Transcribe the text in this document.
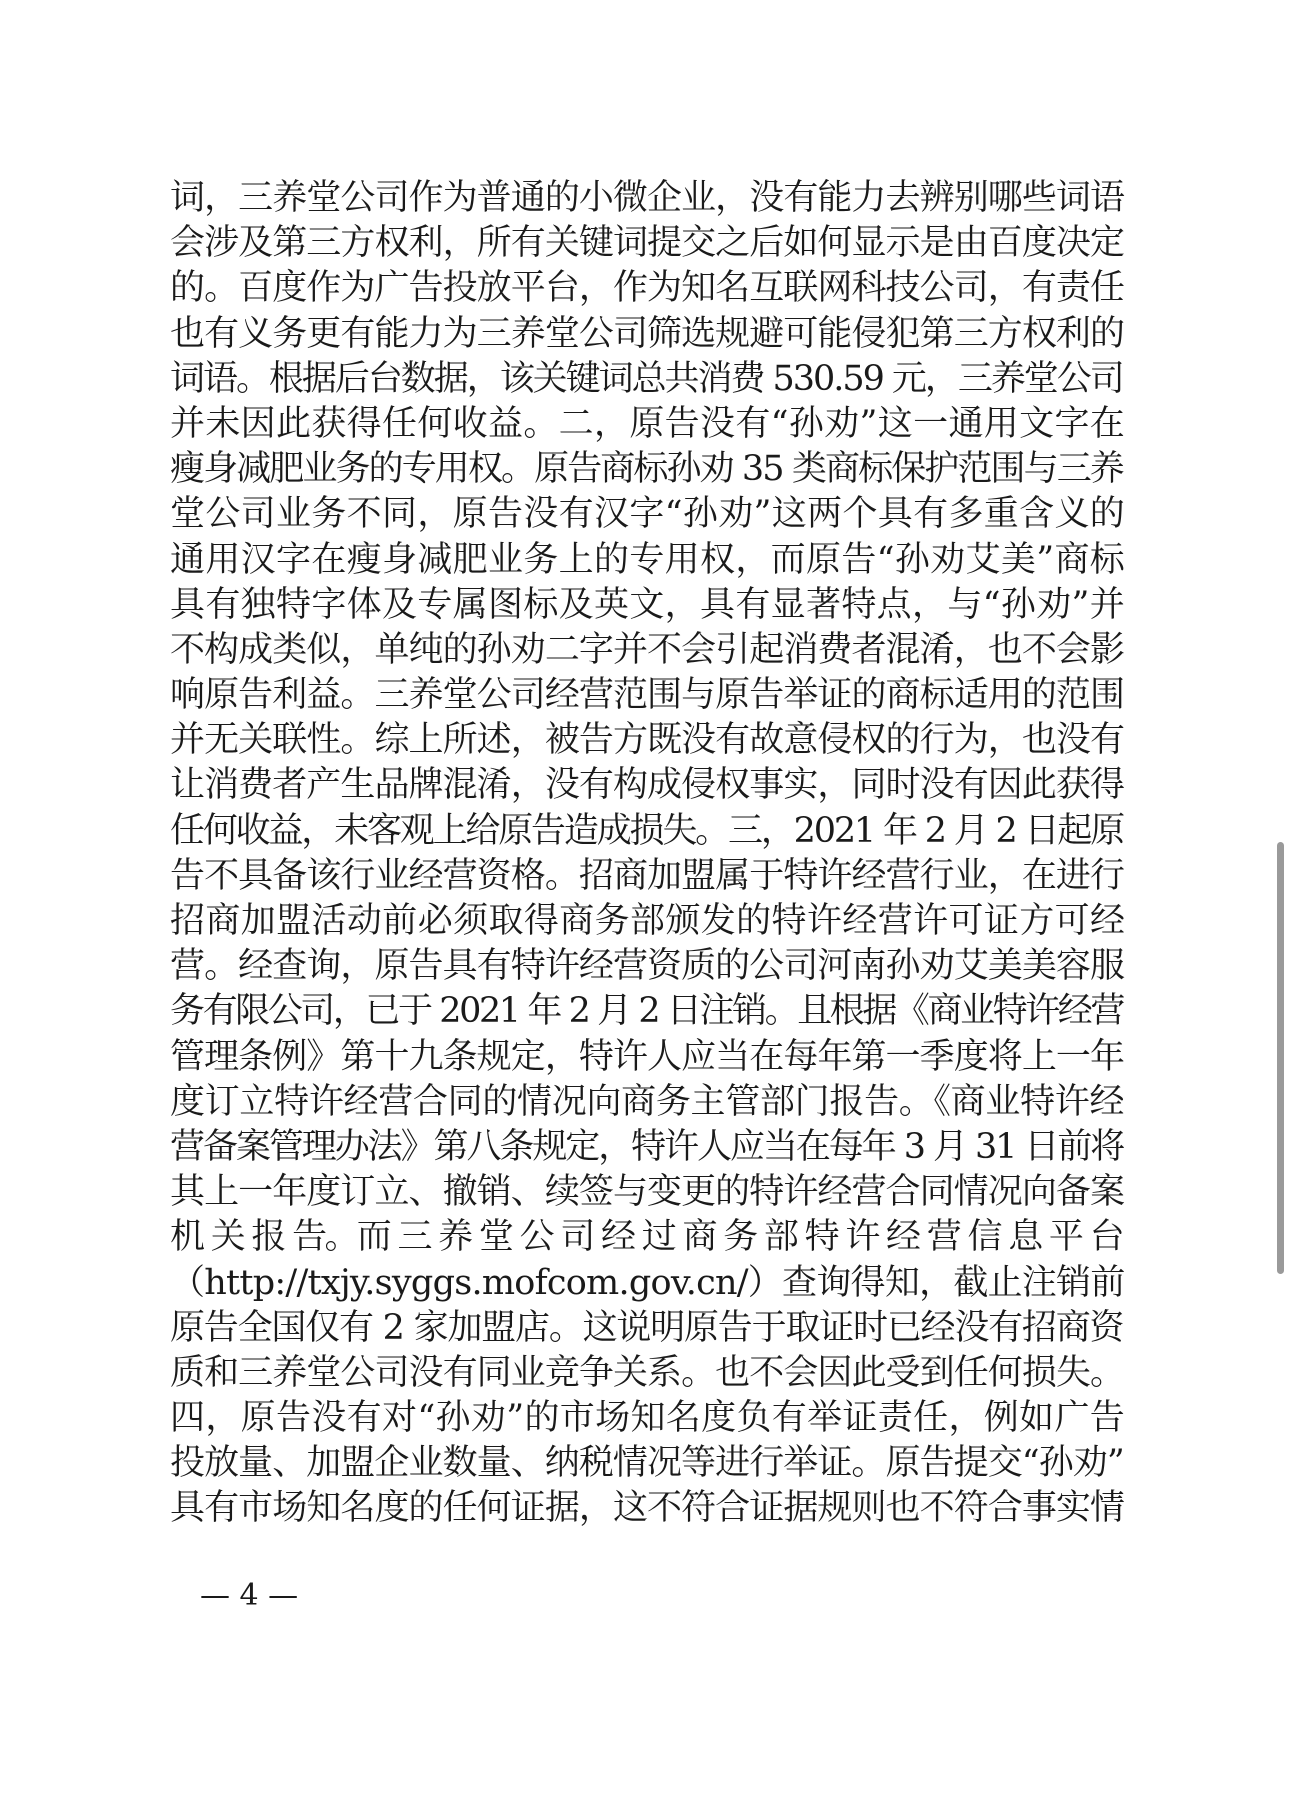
词，三养堂公司作为普通的小微企业，没有能力去辨别哪些词语
会涉及第三方权利，所有关键词提交之后如何显示是由百度决定
的。百度作为广告投放平台，作为知名互联网科技公司，有责任
也有义务更有能力为三养堂公司筛选规避可能侵犯第三方权利的
词语。根据后台数据，该关键词总共消费 530.59 元，三养堂公司
并未因此获得任何收益。二，原告没有“孙劝”这一通用文字在
瘦身减肥业务的专用权。原告商标孙劝 35 类商标保护范围与三养
堂公司业务不同，原告没有汉字“孙劝”这两个具有多重含义的
通用汉字在瘦身减肥业务上的专用权，而原告“孙劝艾美”商标
具有独特字体及专属图标及英文，具有显著特点，与“孙劝”并
不构成类似，单纯的孙劝二字并不会引起消费者混淆，也不会影
响原告利益。三养堂公司经营范围与原告举证的商标适用的范围
并无关联性。综上所述，被告方既没有故意侵权的行为，也没有
让消费者产生品牌混淆，没有构成侵权事实，同时没有因此获得
任何收益，未客观上给原告造成损失。三，2021 年 2 月 2 日起原
告不具备该行业经营资格。招商加盟属于特许经营行业，在进行
招商加盟活动前必须取得商务部颁发的特许经营许可证方可经
营。经查询，原告具有特许经营资质的公司河南孙劝艾美美容服
务有限公司，已于 2021 年 2 月 2 日注销。且根据《商业特许经营
管理条例》第十九条规定，特许人应当在每年第一季度将上一年
度订立特许经营合同的情况向商务主管部门报告。《商业特许经
营备案管理办法》第八条规定，特许人应当在每年 3 月 31 日前将
其上一年度订立、撤销、续签与变更的特许经营合同情况向备案
机 关 报 告。而 三 养 堂 公 司 经 过 商 务 部 特 许 经 营 信 息 平 台
（http://txjy.syggs.mofcom.gov.cn/）查询得知，截止注销前
原告全国仅有 2 家加盟店。这说明原告于取证时已经没有招商资
质和三养堂公司没有同业竞争关系。也不会因此受到任何损失。
四，原告没有对“孙劝”的市场知名度负有举证责任，例如广告
投放量、加盟企业数量、纳税情况等进行举证。原告提交“孙劝”
具有市场知名度的任何证据，这不符合证据规则也不符合事实情
— 4 —
